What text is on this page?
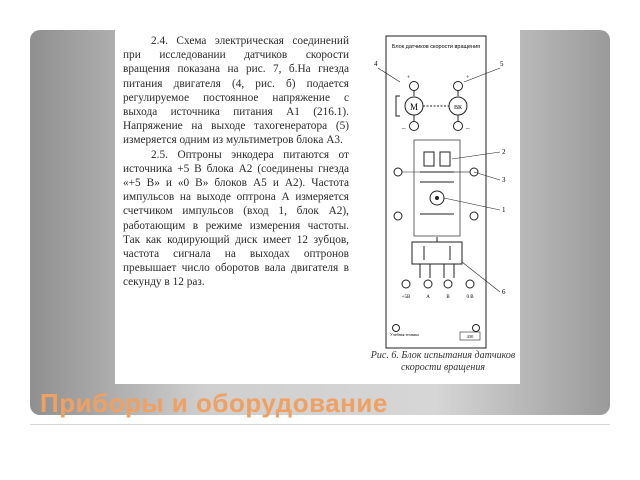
2.4. Схема электрическая соединений при исследовании датчиков скорости вращения показана на рис. 7, б.На гнезда питания двигателя (4, рис. б) подается регулируемое постоянное напряжение с выхода источника питания А1 (216.1). Напряжение на выходе тахогенератора (5) измеряется одним из мультиметров блока А3.

2.5. Оптроны энкодера питаются от источника +5 В блока А2 (соединены гнезда «+5 В» и «0 В» блоков А5 и А2). Частота импульсов на выходе оптрона А измеряется счетчиком импульсов (вход 1, блок А2), работающим в режиме измерения частоты. Так как кодирующий диск имеет 12 зубцов, частота сигнала на выходах оптронов превышает число оборотов вала двигателя в секунду в 12 раз.

Блок датчиков скорости вращения
4	5
+	+
М	ВК
–	–
2
3
1
6
+5В	А	В	0 В
Учебная техника	430
Рис. 6. Блок испытания датчиков скорости вращения
Приборы и оборудование
